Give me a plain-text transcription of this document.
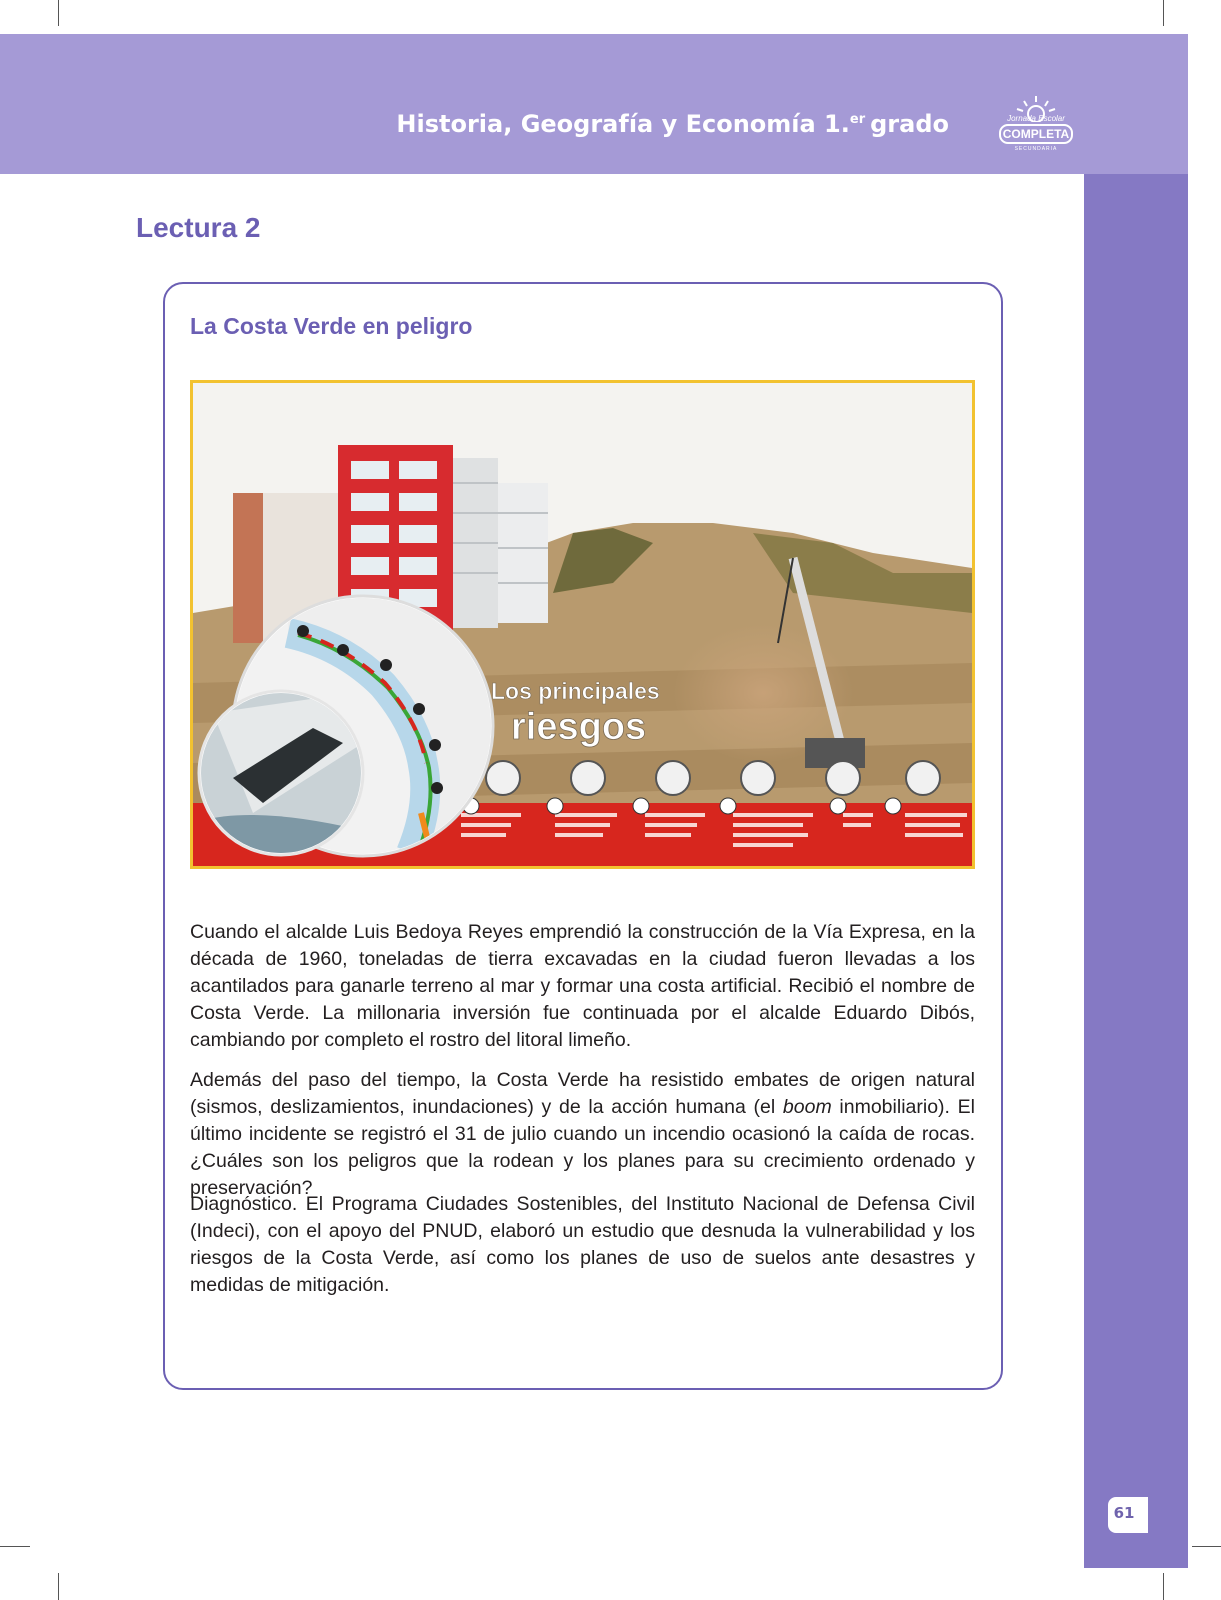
Historia, Geografía y Economía 1.$^{er}$ grado	Jornada Escolar
COMPLETA
SECUNDARIA
61
Lectura 2
La Costa Verde en peligro
Los principales
riesgos

Cuando el alcalde Luis Bedoya Reyes emprendió la construcción de la Vía Expresa, en la década de 1960, toneladas de tierra excavadas en la ciudad fueron llevadas a los acantilados para ganarle terreno al mar y formar una costa artificial. Recibió el nombre de Costa Verde. La millonaria inversión fue continuada por el alcalde Eduardo Dibós, cambiando por completo el rostro del litoral limeño.

Además del paso del tiempo, la Costa Verde ha resistido embates de origen natural (sismos, deslizamientos, inundaciones) y de la acción humana (el boom inmobiliario). El último incidente se registró el 31 de julio cuando un incendio ocasionó la caída de rocas. ¿Cuáles son los peligros que la rodean y los planes para su crecimiento ordenado y preservación?

Diagnóstico. El Programa Ciudades Sostenibles, del Instituto Nacional de Defensa Civil (Indeci), con el apoyo del PNUD, elaboró un estudio que desnuda la vulnerabilidad y los riesgos de la Costa Verde, así como los planes de uso de suelos ante desastres y medidas de mitigación.
